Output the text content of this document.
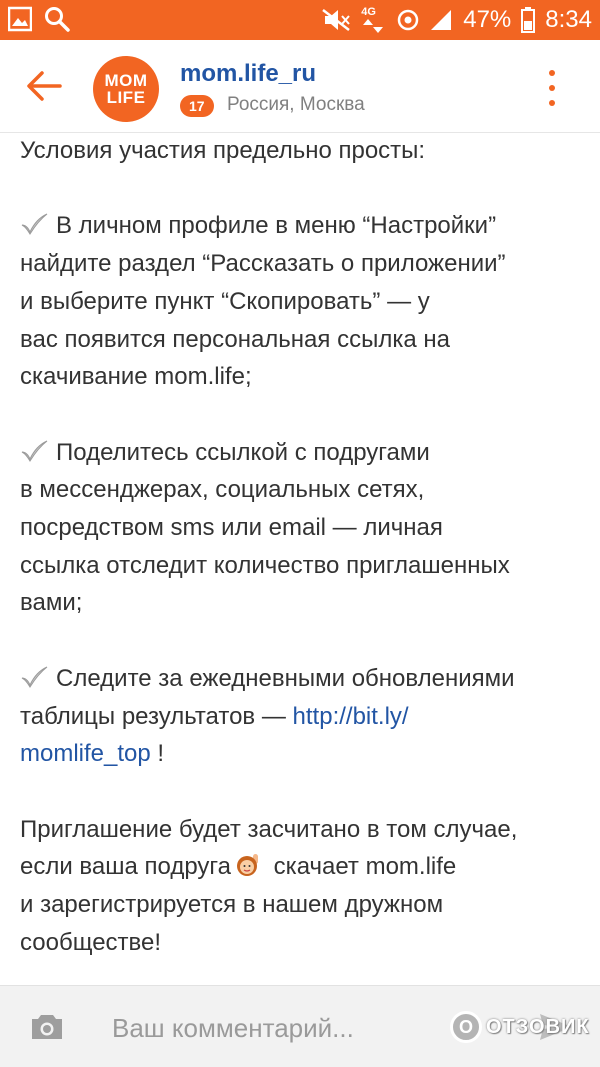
4G	47% 8:34
MOM
LIFE
mom.life_ru
17	Россия, Москва
Условия участия предельно просты:
В личном профиле в меню “Настройки”
найдите раздел “Рассказать о приложении”
и выберите пункт “Скопировать” — у
вас появится персональная ссылка на
скачивание mom.life;
Поделитесь ссылкой с подругами
в мессенджерах, социальных сетях,
посредством sms или email — личная
ссылка отследит количество приглашенных
вами;
Следите за ежедневными обновлениями
таблицы результатов — http://bit.ly/
momlife_top !
Приглашение будет засчитано в том случае,
если ваша подруга скачает mom.life
и зарегистрируется в нашем дружном
сообществе!
Ваш комментарий...
О ОТЗОВИК
